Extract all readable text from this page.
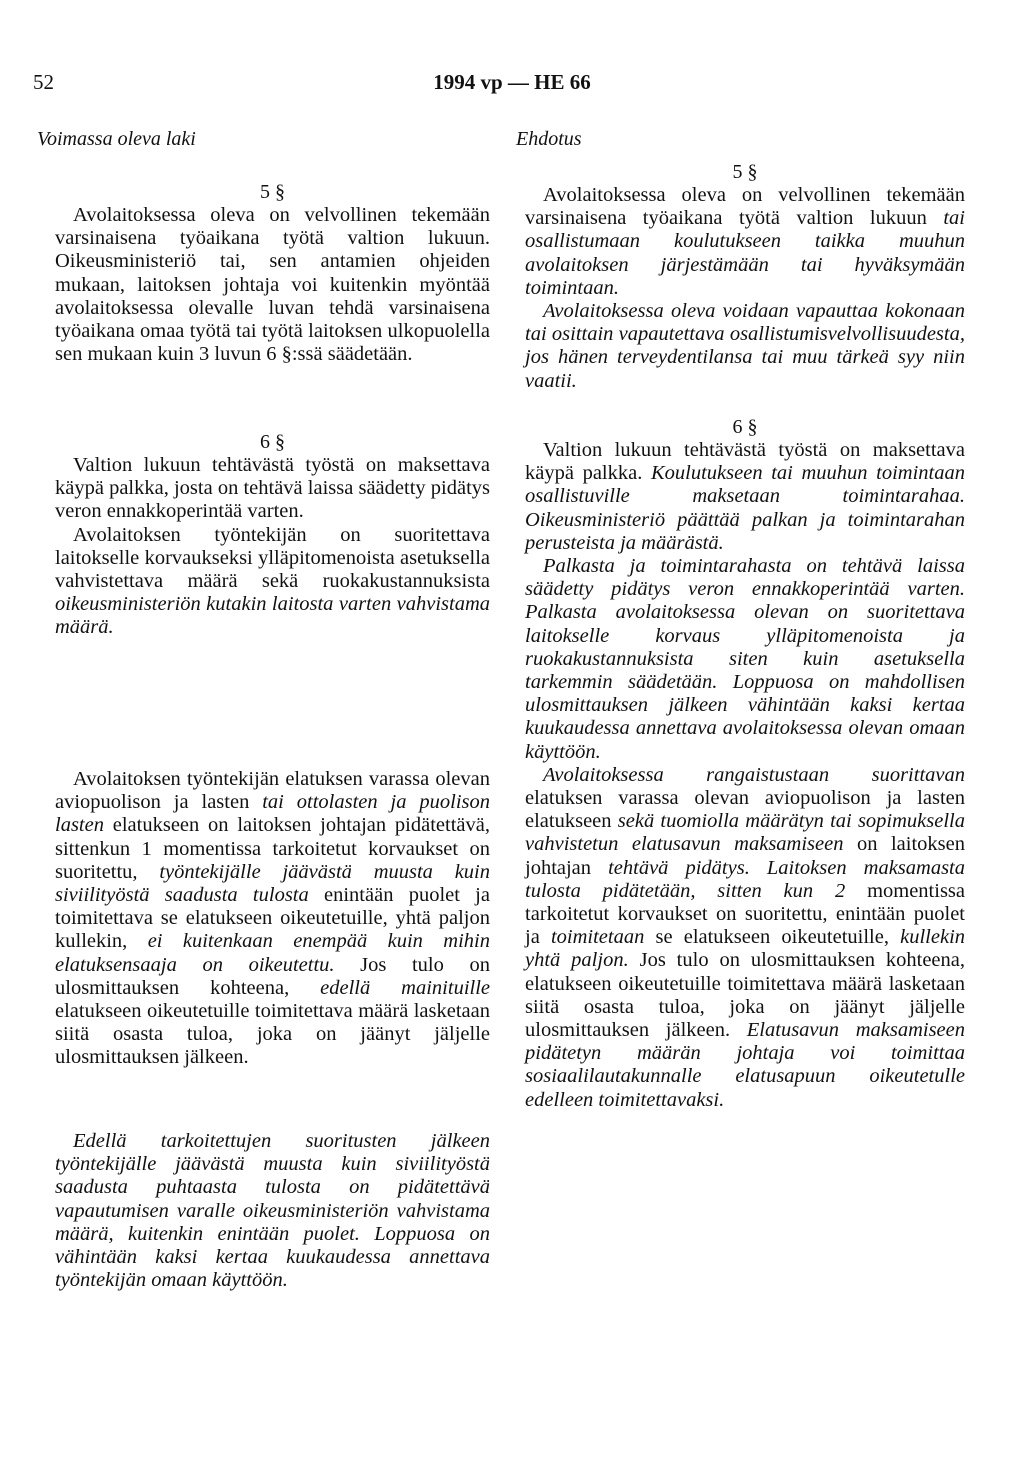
52	1994 vp — HE 66
Voimassa oleva laki	Ehdotus
5 §

Avolaitoksessa oleva on velvollinen tekemään varsinaisena työaikana työtä valtion lukuun. Oikeusministeriö tai, sen antamien ohjeiden mukaan, laitoksen johtaja voi kuitenkin myöntää avolaitoksessa olevalle luvan tehdä varsinaisena työaikana omaa työtä tai työtä laitoksen ulkopuolella sen mukaan kuin 3 luvun 6 §:ssä säädetään.

6 §

Valtion lukuun tehtävästä työstä on maksettava käypä palkka, josta on tehtävä laissa säädetty pidätys veron ennakkoperintää varten.

Avolaitoksen työntekijän on suoritettava laitokselle korvaukseksi ylläpitomenoista asetuksella vahvistettava määrä sekä ruokakustannuksista oikeusministeriön kutakin laitosta varten vahvistama määrä.

Avolaitoksen työntekijän elatuksen varassa olevan aviopuolison ja lasten tai ottolasten ja puolison lasten elatukseen on laitoksen johtajan pidätettävä, sittenkun 1 momentissa tarkoitetut korvaukset on suoritettu, työntekijälle jäävästä muusta kuin siviilityöstä saadusta tulosta enintään puolet ja toimitettava se elatukseen oikeutetuille, yhtä paljon kullekin, ei kuitenkaan enempää kuin mihin elatuksensaaja on oikeutettu. Jos tulo on ulosmittauksen kohteena, edellä mainituille elatukseen oikeutetuille toimitettava määrä lasketaan siitä osasta tuloa, joka on jäänyt jäljelle ulosmittauksen jälkeen.

Edellä tarkoitettujen suoritusten jälkeen työntekijälle jäävästä muusta kuin siviilityöstä saadusta puhtaasta tulosta on pidätettävä vapautumisen varalle oikeusministeriön vahvistama määrä, kuitenkin enintään puolet. Loppuosa on vähintään kaksi kertaa kuukaudessa annettava työntekijän omaan käyttöön.

5 §

Avolaitoksessa oleva on velvollinen tekemään varsinaisena työaikana työtä valtion lukuun tai osallistumaan koulutukseen taikka muuhun avolaitoksen järjestämään tai hyväksymään toimintaan.

Avolaitoksessa oleva voidaan vapauttaa kokonaan tai osittain vapautettava osallistumisvelvollisuudesta, jos hänen terveydentilansa tai muu tärkeä syy niin vaatii.

6 §

Valtion lukuun tehtävästä työstä on maksettava käypä palkka. Koulutukseen tai muuhun toimintaan osallistuville maksetaan toimintarahaa. Oikeusministeriö päättää palkan ja toimintarahan perusteista ja määrästä.

Palkasta ja toimintarahasta on tehtävä laissa säädetty pidätys veron ennakkoperintää varten. Palkasta avolaitoksessa olevan on suoritettava laitokselle korvaus ylläpitomenoista ja ruokakustannuksista siten kuin asetuksella tarkemmin säädetään. Loppuosa on mahdollisen ulosmittauksen jälkeen vähintään kaksi kertaa kuukaudessa annettava avolaitoksessa olevan omaan käyttöön.

Avolaitoksessa rangaistustaan suorittavan elatuksen varassa olevan aviopuolison ja lasten elatukseen sekä tuomiolla määrätyn tai sopimuksella vahvistetun elatusavun maksamiseen on laitoksen johtajan tehtävä pidätys. Laitoksen maksamasta tulosta pidätetään, sitten kun 2 momentissa tarkoitetut korvaukset on suoritettu, enintään puolet ja toimitetaan se elatukseen oikeutetuille, kullekin yhtä paljon. Jos tulo on ulosmittauksen kohteena, elatukseen oikeutetuille toimitettava määrä lasketaan siitä osasta tuloa, joka on jäänyt jäljelle ulosmittauksen jälkeen. Elatusavun maksamiseen pidätetyn määrän johtaja voi toimittaa sosiaalilautakunnalle elatusapuun oikeutetulle edelleen toimitettavaksi.
